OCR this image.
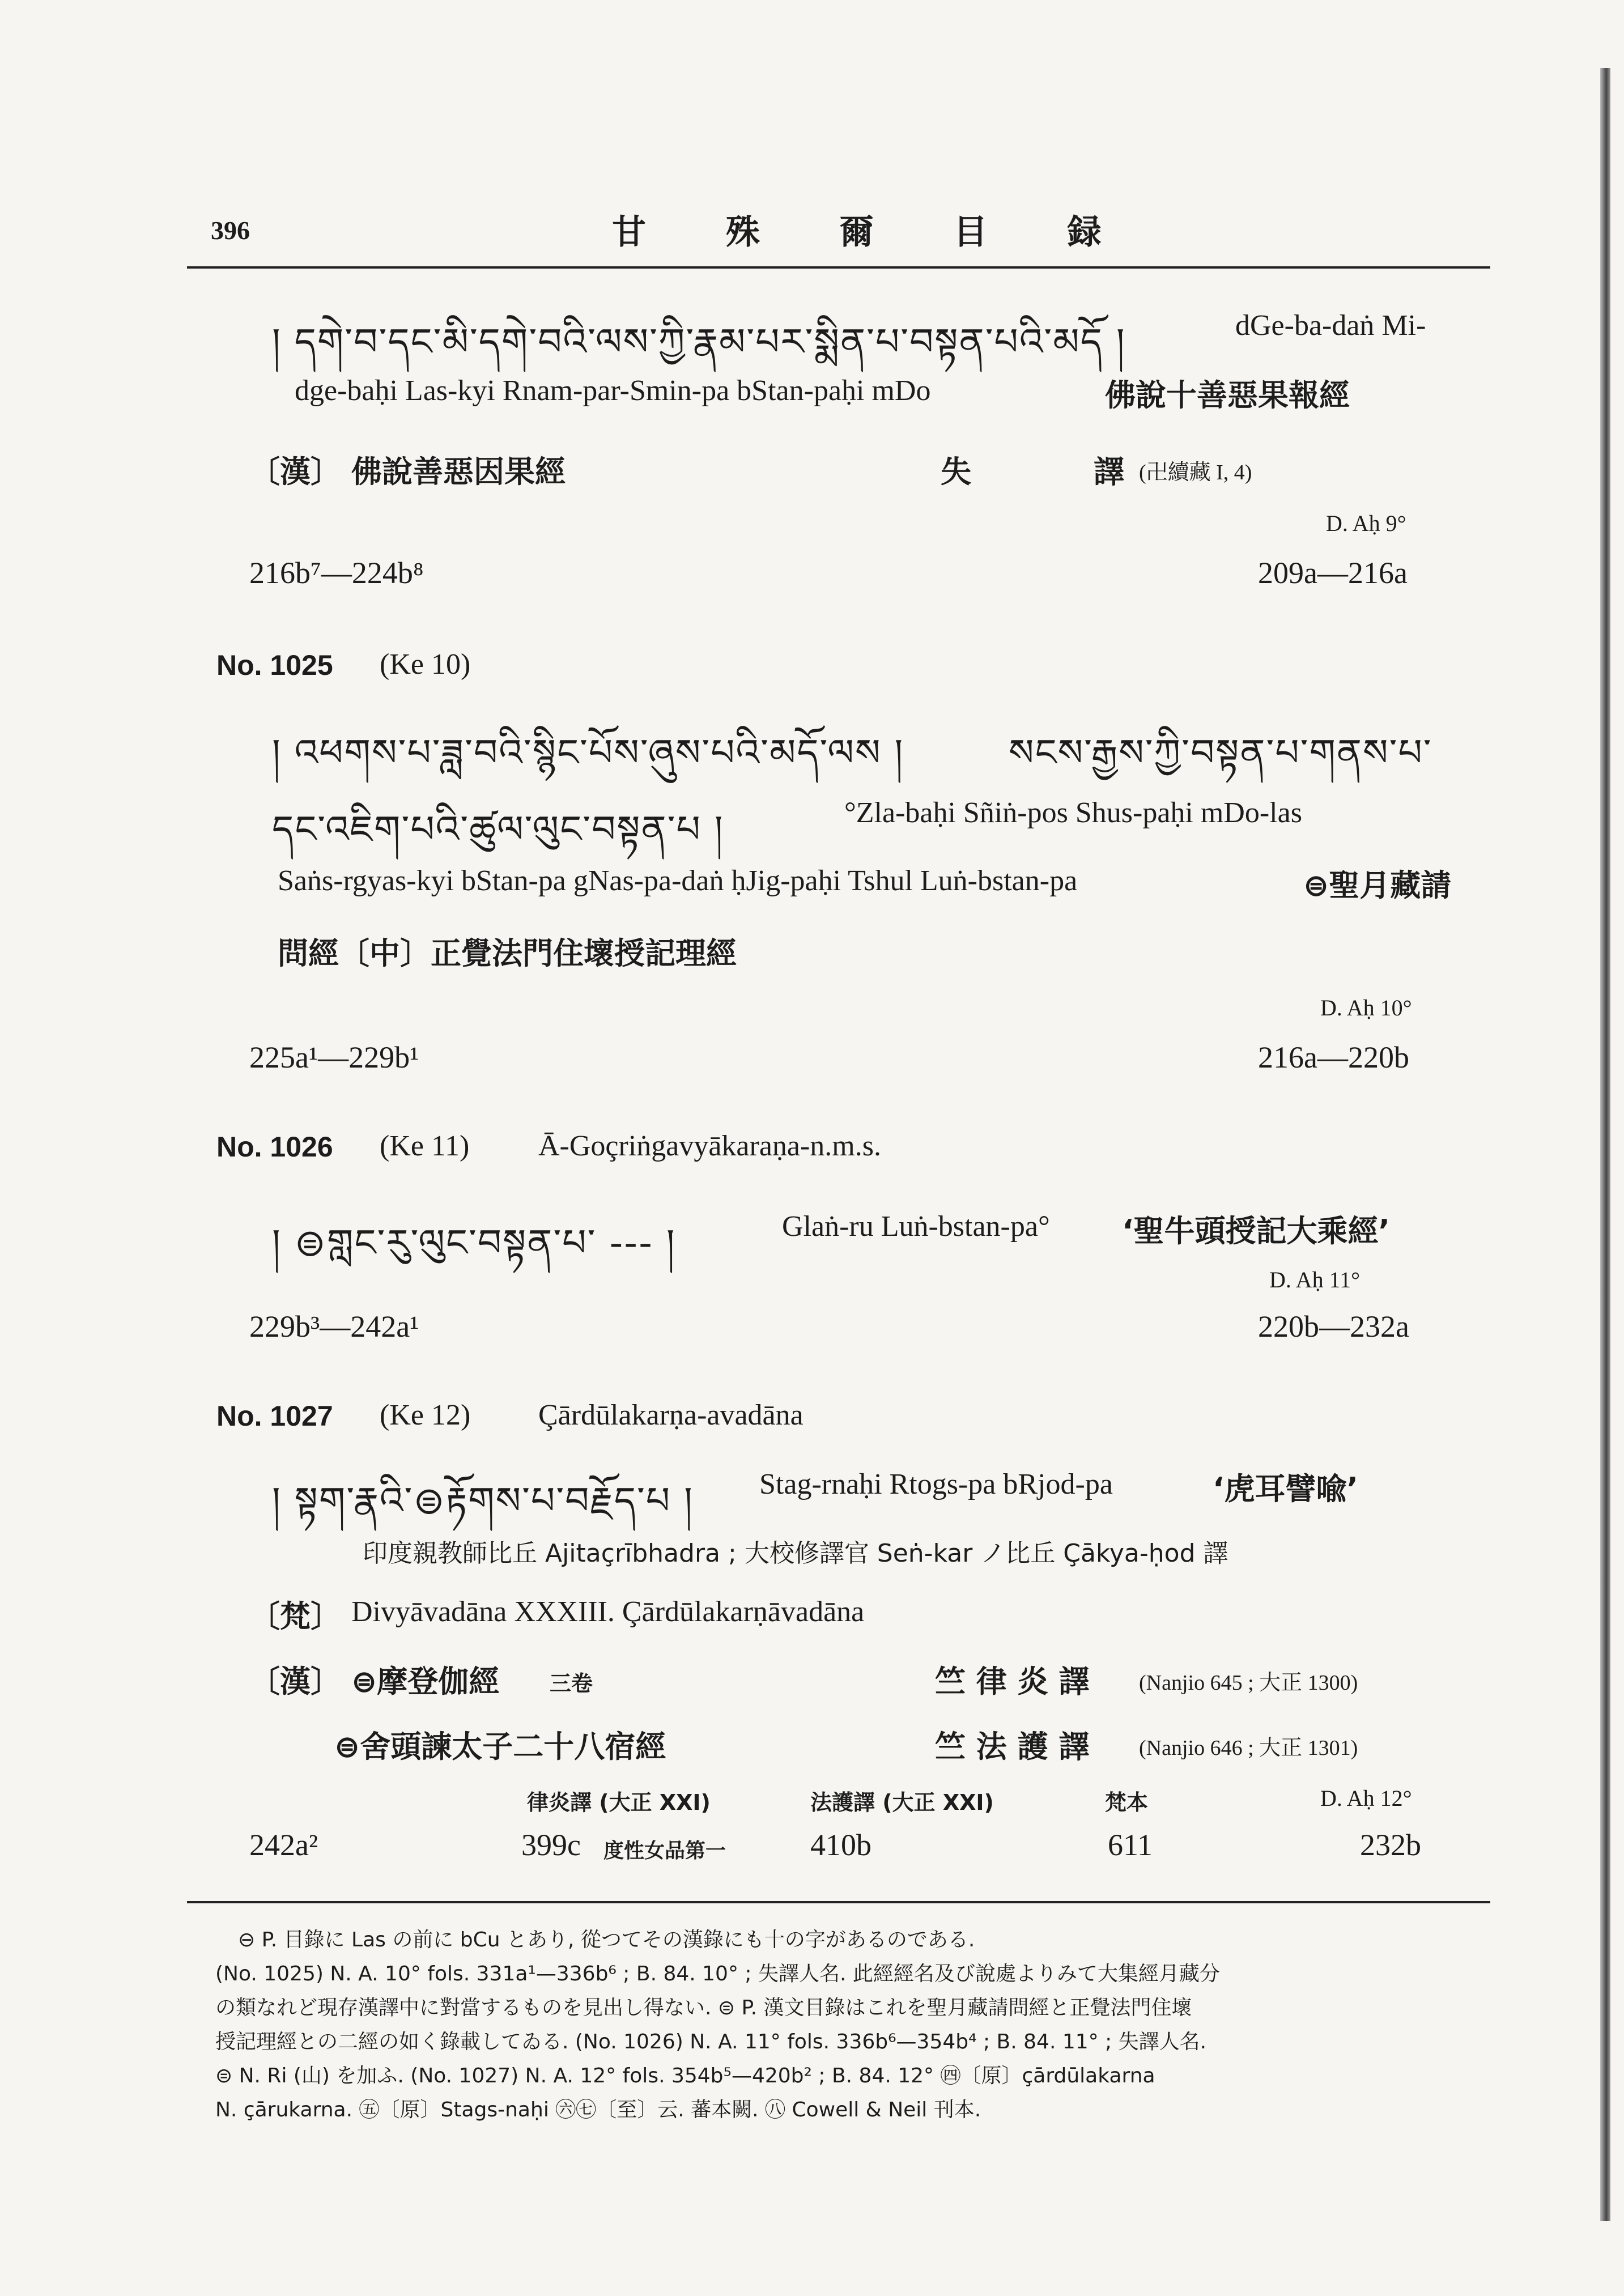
396	甘 殊 爾 目 録
། དགེ་བ་དང་མི་དགེ་བའི་ལས་ཀྱི་རྣམ་པར་སྨིན་པ་བསྟན་པའི་མདོ །	dGe-ba-daṅ Mi-
dge-baḥi Las-kyi Rnam-par-Smin-pa bStan-paḥi mDo	佛說十善惡果報經
〔漢〕 佛說善惡因果經	失	譯 (卍續藏 I, 4)
D. Aḥ 9°
216b⁷—224b⁸	209a—216a
No. 1025 (Ke 10)
། འཕགས་པ་ཟླ་བའི་སྙིང་པོས་ཞུས་པའི་མདོ་ལས །	སངས་རྒྱས་ཀྱི་བསྟན་པ་གནས་པ་
དང་འཇིག་པའི་ཚུལ་ལུང་བསྟན་པ །	°Zla-baḥi Sñiṅ-pos Shus-paḥi mDo-las
Saṅs-rgyas-kyi bStan-pa gNas-pa-daṅ ḥJig-paḥi Tshul Luṅ-bstan-pa	⊜聖月藏請
問經〔中〕正覺法門住壞授記理經
D. Aḥ 10°
225a¹—229b¹	216a—220b
No. 1026 (Ke 11) Ā-Goçriṅgavyākaraṇa-n.m.s.
། ⊜གླང་རུ་ལུང་བསྟན་པ་ --- །	Glaṅ-ru Luṅ-bstan-pa° ‘聖牛頭授記大乘經’
D. Aḥ 11°
229b³—242a¹	220b—232a
No. 1027 (Ke 12) Çārdūlakarṇa-avadāna
། སྟག་རྣའི་⊜རྟོགས་པ་བརྗོད་པ ། Stag-rnaḥi Rtogs-pa bRjod-pa	‘虎耳譬喩’
印度親教師比丘 Ajitaçrībhadra ; 大校修譯官 Seṅ-kar ノ比丘 Çākya-ḥod 譯
〔梵〕 Divyāvadāna XXXIII. Çārdūlakarṇāvadāna
〔漢〕 ⊜摩登伽經 三卷	竺 律 炎 譯 (Nanjio 645 ; 大正 1300)
⊜舍頭諫太子二十八宿經	竺 法 護 譯 (Nanjio 646 ; 大正 1301)
律炎譯 (大正 XXI)	法護譯 (大正 XXI)	梵本	D. Aḥ 12°
242a²	399c 度性女品第一	410b	611	232b
⊖ P. 目錄に Las の前に bCu とあり, 從つてその漢錄にも十の字があるのである.
(No. 1025) N. A. 10° fols. 331a¹—336b⁶ ; B. 84. 10° ; 失譯人名. 此經經名及び說處よりみて大集經月藏分
の類なれど現存漢譯中に對當するものを見出し得ない. ⊜ P. 漢文目錄はこれを聖月藏請問經と正覺法門住壞
授記理經との二經の如く錄載してゐる. (No. 1026) N. A. 11° fols. 336b⁶—354b⁴ ; B. 84. 11° ; 失譯人名.
⊜ N. Ri (山) を加ふ. (No. 1027) N. A. 12° fols. 354b⁵—420b² ; B. 84. 12° ㊃〔原〕çārdūlakarna
N. çārukarna. ㊄〔原〕Stags-naḥi ㊅㊆〔至〕云. 蕃本闕. ㊇ Cowell & Neil 刊本.
